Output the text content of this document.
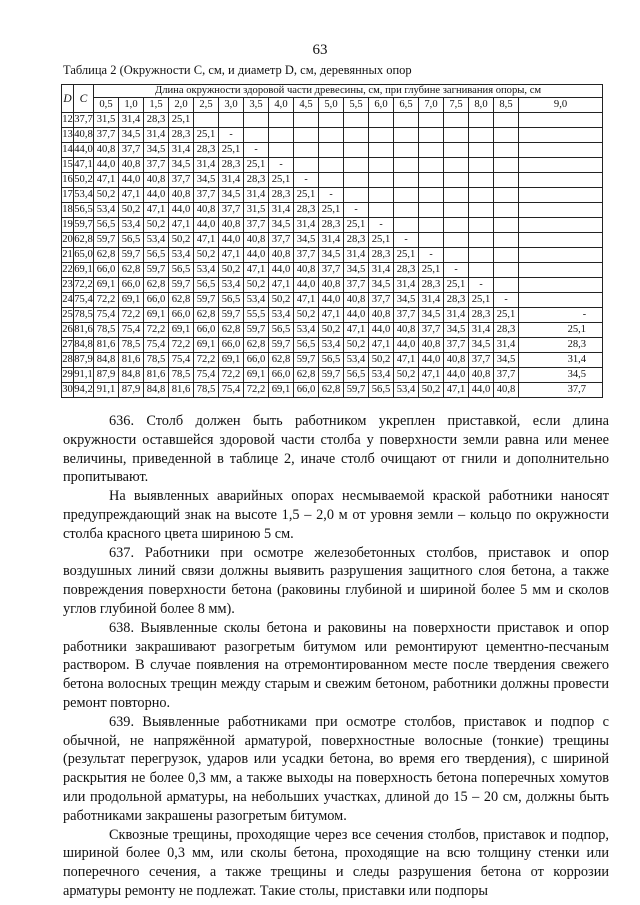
63
Таблица 2 (Окружности C, см, и диаметр D, см, деревянных опор
D	C	Длина окружности здоровой части древесины, см, при глубине загнивания опоры, см																	
		0,5	1,0	1,5	2,0	2,5	3,0	3,5	4,0	4,5	5,0	5,5	6,0	6,5	7,0	7,5	8,0	8,5	9,0
12	37,7	31,5	31,4	28,3	25,1														
13	40,8	37,7	34,5	31,4	28,3	25,1	-												
14	44,0	40,8	37,7	34,5	31,4	28,3	25,1	-											
15	47,1	44,0	40,8	37,7	34,5	31,4	28,3	25,1	-										
16	50,2	47,1	44,0	40,8	37,7	34,5	31,4	28,3	25,1	-									
17	53,4	50,2	47,1	44,0	40,8	37,7	34,5	31,4	28,3	25,1	-								
18	56,5	53,4	50,2	47,1	44,0	40,8	37,7	31,5	31,4	28,3	25,1	-							
19	59,7	56,5	53,4	50,2	47,1	44,0	40,8	37,7	34,5	31,4	28,3	25,1	-						
20	62,8	59,7	56,5	53,4	50,2	47,1	44,0	40,8	37,7	34,5	31,4	28,3	25,1	-					
21	65,0	62,8	59,7	56,5	53,4	50,2	47,1	44,0	40,8	37,7	34,5	31,4	28,3	25,1	-				
22	69,1	66,0	62,8	59,7	56,5	53,4	50,2	47,1	44,0	40,8	37,7	34,5	31,4	28,3	25,1	-			
23	72,2	69,1	66,0	62,8	59,7	56,5	53,4	50,2	47,1	44,0	40,8	37,7	34,5	31,4	28,3	25,1	-		
24	75,4	72,2	69,1	66,0	62,8	59,7	56,5	53,4	50,2	47,1	44,0	40,8	37,7	34,5	31,4	28,3	25,1	-	
25	78,5	75,4	72,2	69,1	66,0	62,8	59,7	55,5	53,4	50,2	47,1	44,0	40,8	37,7	34,5	31,4	28,3	25,1	-
26	81,6	78,5	75,4	72,2	69,1	66,0	62,8	59,7	56,5	53,4	50,2	47,1	44,0	40,8	37,7	34,5	31,4	28,3	25,1
27	84,8	81,6	78,5	75,4	72,2	69,1	66,0	62,8	59,7	56,5	53,4	50,2	47,1	44,0	40,8	37,7	34,5	31,4	28,3
28	87,9	84,8	81,6	78,5	75,4	72,2	69,1	66,0	62,8	59,7	56,5	53,4	50,2	47,1	44,0	40,8	37,7	34,5	31,4
29	91,1	87,9	84,8	81,6	78,5	75,4	72,2	69,1	66,0	62,8	59,7	56,5	53,4	50,2	47,1	44,0	40,8	37,7	34,5
30	94,2	91,1	87,9	84,8	81,6	78,5	75,4	72,2	69,1	66,0	62,8	59,7	56,5	53,4	50,2	47,1	44,0	40,8	37,7

636. Столб должен быть работником укреплен приставкой, если длина окружности оставшейся здоровой части столба у поверхности земли равна или менее величины, приведенной в таблице 2, иначе столб очищают от гнили и дополнительно пропитывают.

На выявленных аварийных опорах несмываемой краской работники наносят предупреждающий знак на высоте 1,5 – 2,0 м от уровня земли – кольцо по окружности столба красного цвета шириною 5 см.

637. Работники при осмотре железобетонных столбов, приставок и опор воздушных линий связи должны выявить разрушения защитного слоя бетона, а также повреждения поверхности бетона (раковины глубиной и шириной более 5 мм и сколов углов глубиной более 8 мм).

638. Выявленные сколы бетона и раковины на поверхности приставок и опор работники закрашивают разогретым битумом или ремонтируют цементно-песчаным раствором. В случае появления на отремонтированном месте после твердения свежего бетона волосных трещин между старым и свежим бетоном, работники должны провести ремонт повторно.

639. Выявленные работниками при осмотре столбов, приставок и подпор с обычной, не напряжённой арматурой, поверхностные волосные (тонкие) трещины (результат перегрузок, ударов или усадки бетона, во время его твердения), с шириной раскрытия не более 0,3 мм, а также выходы на поверхность бетона поперечных хомутов или продольной арматуры, на небольших участках, длиной до 15 – 20 см, должны быть работниками закрашены разогретым битумом.

Сквозные трещины, проходящие через все сечения столбов, приставок и подпор, шириной более 0,3 мм, или сколы бетона, проходящие на всю толщину стенки или поперечного сечения, а также трещины и следы разрушения бетона от коррозии арматуры ремонту не подлежат. Такие столы, приставки или подпоры
